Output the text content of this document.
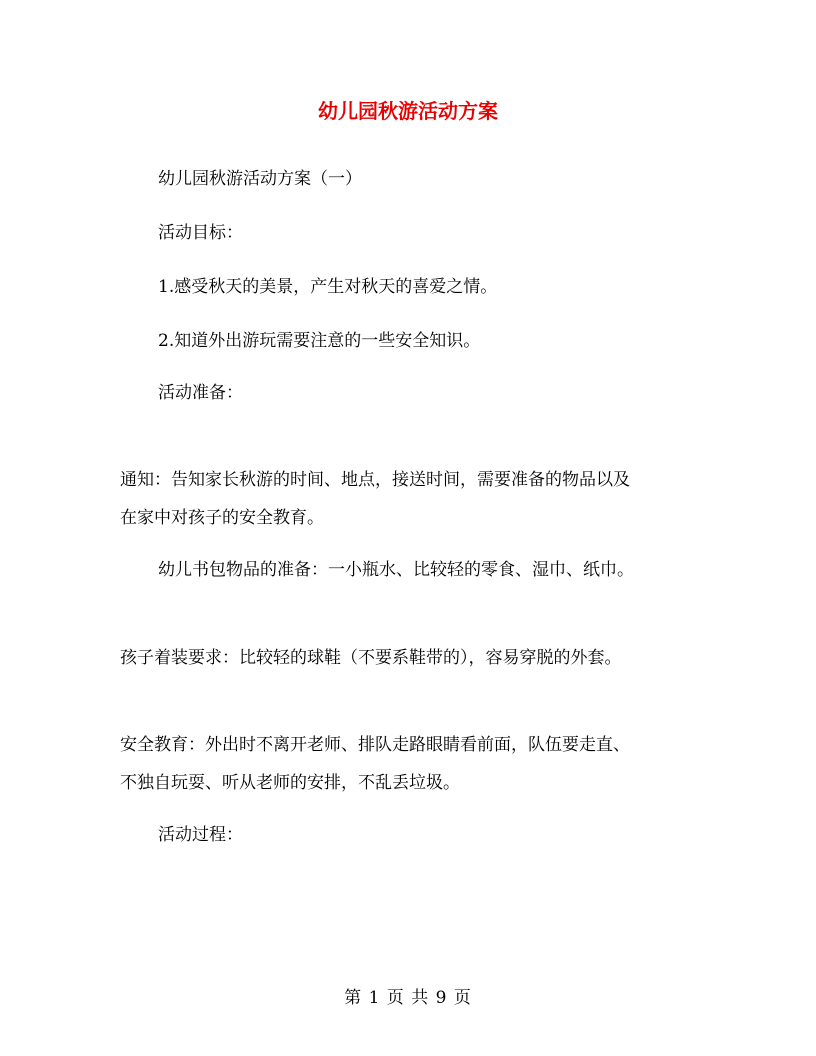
幼儿园秋游活动方案
幼儿园秋游活动方案（一）
活动目标：
1.感受秋天的美景，产生对秋天的喜爱之情。
2.知道外出游玩需要注意的一些安全知识。
活动准备：
通知：告知家长秋游的时间、地点，接送时间，需要准备的物品以及
在家中对孩子的安全教育。
幼儿书包物品的准备：一小瓶水、比较轻的零食、湿巾、纸巾。
孩子着装要求：比较轻的球鞋（不要系鞋带的），容易穿脱的外套。
安全教育：外出时不离开老师、排队走路眼睛看前面，队伍要走直、
不独自玩耍、听从老师的安排，不乱丢垃圾。
活动过程：
第 1 页 共 9 页
